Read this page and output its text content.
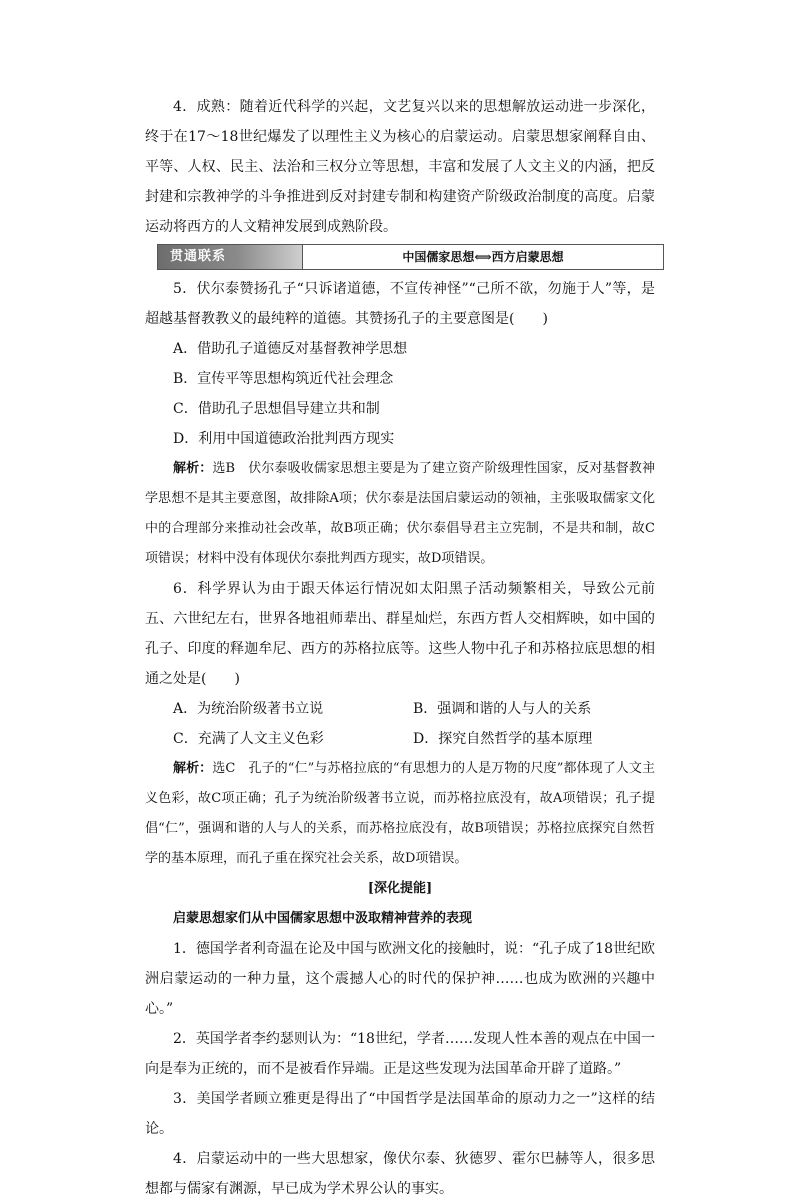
4．成熟：随着近代科学的兴起，文艺复兴以来的思想解放运动进一步深化，终于在17～18世纪爆发了以理性主义为核心的启蒙运动。启蒙思想家阐释自由、平等、人权、民主、法治和三权分立等思想，丰富和发展了人文主义的内涵，把反封建和宗教神学的斗争推进到反对封建专制和构建资产阶级政治制度的高度。启蒙运动将西方的人文精神发展到成熟阶段。

贯通联系	中国儒家思想⟺西方启蒙思想

5．伏尔泰赞扬孔子“只诉诸道德，不宣传神怪”“己所不欲，勿施于人”等，是超越基督教教义的最纯粹的道德。其赞扬孔子的主要意图是(　　)

A．借助孔子道德反对基督教神学思想

B．宣传平等思想构筑近代社会理念

C．借助孔子思想倡导建立共和制

D．利用中国道德政治批判西方现实

解析：选B　伏尔泰吸收儒家思想主要是为了建立资产阶级理性国家，反对基督教神学思想不是其主要意图，故排除A项；伏尔泰是法国启蒙运动的领袖，主张吸取儒家文化中的合理部分来推动社会改革，故B项正确；伏尔泰倡导君主立宪制，不是共和制，故C项错误；材料中没有体现伏尔泰批判西方现实，故D项错误。

6．科学界认为由于跟天体运行情况如太阳黑子活动频繁相关，导致公元前五、六世纪左右，世界各地祖师辈出、群星灿烂，东西方哲人交相辉映，如中国的孔子、印度的释迦牟尼、西方的苏格拉底等。这些人物中孔子和苏格拉底思想的相通之处是(　　)

A．为统治阶级著书立说	B．强调和谐的人与人的关系
C．充满了人文主义色彩	D．探究自然哲学的基本原理

解析：选C　孔子的“仁”与苏格拉底的“有思想力的人是万物的尺度”都体现了人文主义色彩，故C项正确；孔子为统治阶级著书立说，而苏格拉底没有，故A项错误；孔子提倡“仁”，强调和谐的人与人的关系，而苏格拉底没有，故B项错误；苏格拉底探究自然哲学的基本原理，而孔子重在探究社会关系，故D项错误。

[深化提能]

启蒙思想家们从中国儒家思想中汲取精神营养的表现

1．德国学者利奇温在论及中国与欧洲文化的接触时，说：“孔子成了18世纪欧洲启蒙运动的一种力量，这个震撼人心的时代的保护神……也成为欧洲的兴趣中心。”

2．英国学者李约瑟则认为：“18世纪，学者……发现人性本善的观点在中国一向是奉为正统的，而不是被看作异端。正是这些发现为法国革命开辟了道路。”

3．美国学者顾立雅更是得出了“中国哲学是法国革命的原动力之一”这样的结论。

4．启蒙运动中的一些大思想家，像伏尔泰、狄德罗、霍尔巴赫等人，很多思想都与儒家有渊源，早已成为学术界公认的事实。
